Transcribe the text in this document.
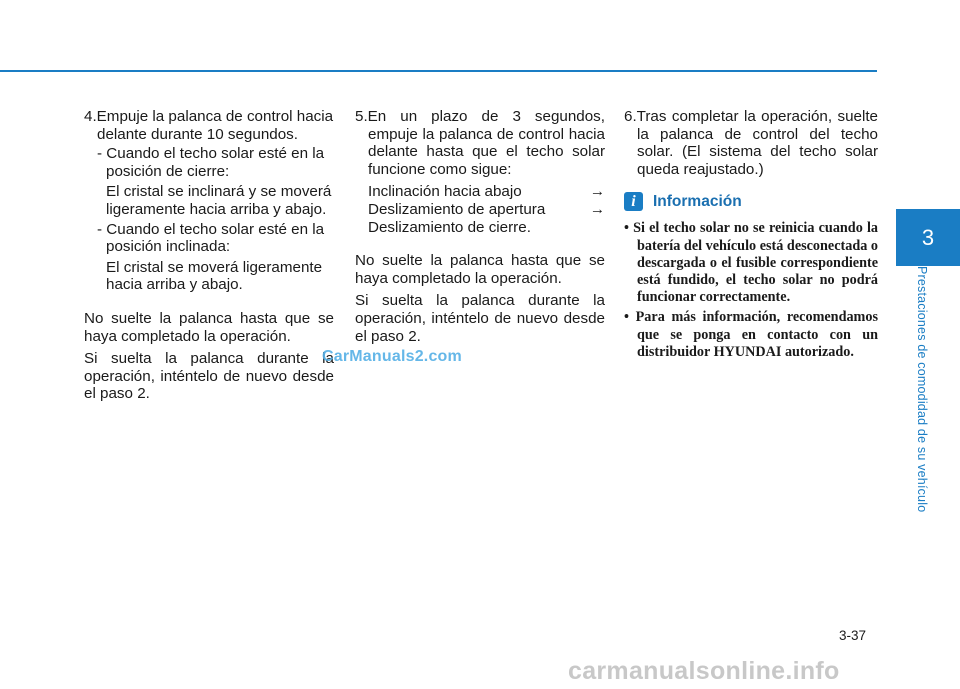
4.Empuje la palanca de control hacia delante durante 10 segundos.

- Cuando el techo solar esté en la posición de cierre:

El cristal se inclinará y se moverá ligeramente hacia arriba y abajo.

- Cuando el techo solar esté en la posición inclinada:

El cristal se moverá ligeramente hacia arriba y abajo.

No suelte la palanca hasta que se haya completado la operación.

Si suelta la palanca durante la operación, inténtelo de nuevo desde el paso 2.

5.En un plazo de 3 segundos, empuje la palanca de control hacia delante hasta que el techo solar funcione como sigue:

Inclinación hacia abajo	→

Deslizamiento de apertura	→

Deslizamiento de cierre.

No suelte la palanca hasta que se haya completado la operación.

Si suelta la palanca durante la operación, inténtelo de nuevo desde el paso 2.

6.Tras completar la operación, suelte la palanca de control del techo solar. (El sistema del techo solar queda reajustado.)

i	Información

• Si el techo solar no se reinicia cuando la batería del vehículo está desconectada o descargada o el fusible correspondiente está fundido, el techo solar no podrá funcionar correctamente.

• Para más información, recomendamos que se ponga en contacto con un distribuidor HYUNDAI autorizado.

CarManuals2.com
3
Prestaciones de comodidad de su vehículo
3-37
carmanualsonline.info
